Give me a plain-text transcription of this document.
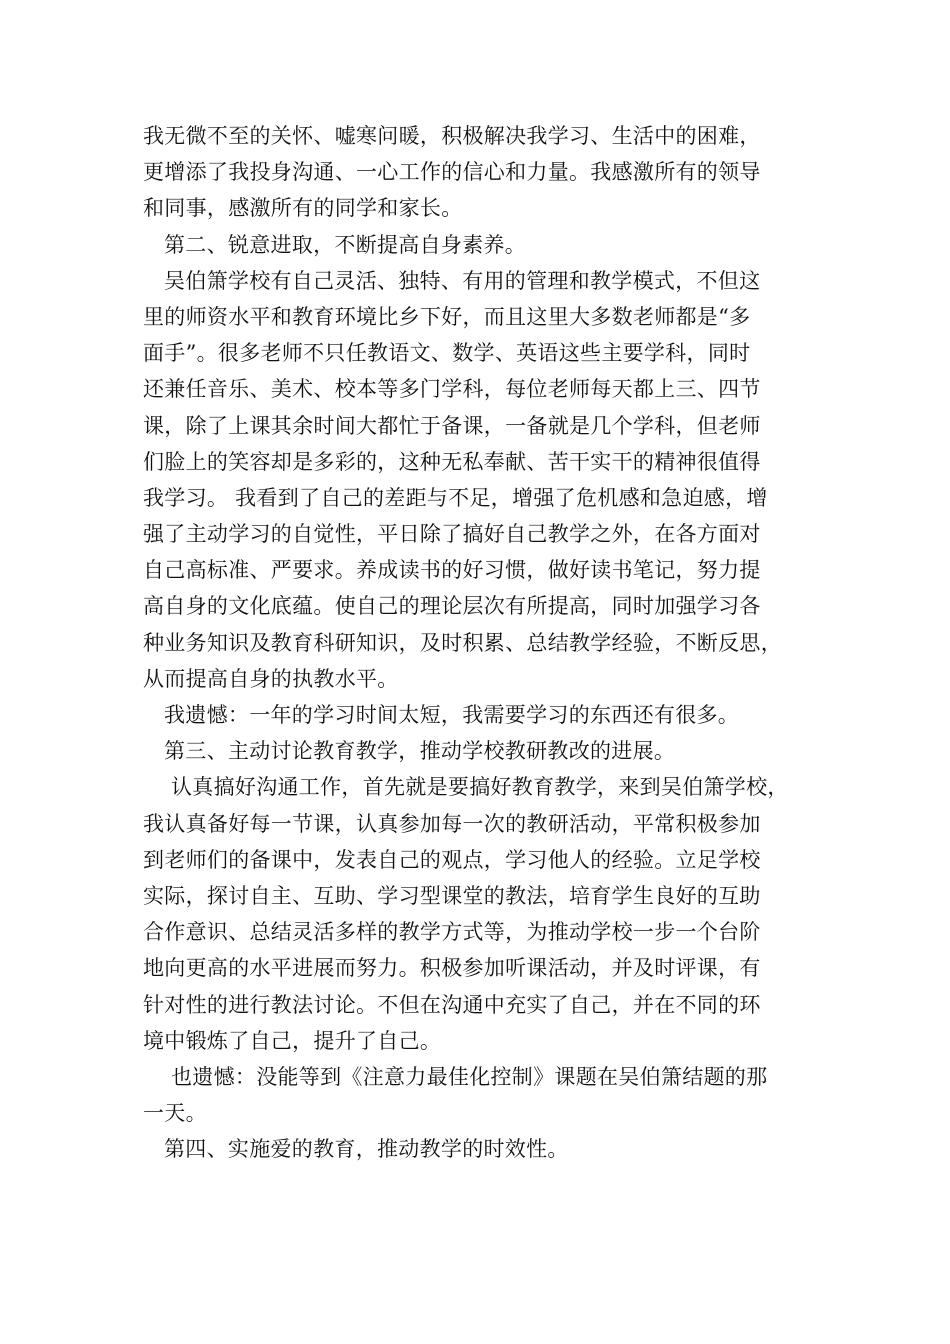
我无微不至的关怀、嘘寒问暖，积极解决我学习、生活中的困难，
更增添了我投身沟通、一心工作的信心和力量。我感激所有的领导
和同事，感激所有的同学和家长。
第二、锐意进取，不断提高自身素养。
吴伯箫学校有自己灵活、独特、有用的管理和教学模式，不但这
里的师资水平和教育环境比乡下好，而且这里大多数老师都是“多
面手”。很多老师不只任教语文、数学、英语这些主要学科，同时
还兼任音乐、美术、校本等多门学科，每位老师每天都上三、四节
课，除了上课其余时间大都忙于备课，一备就是几个学科，但老师
们脸上的笑容却是多彩的，这种无私奉献、苦干实干的精神很值得
我学习。 我看到了自己的差距与不足，增强了危机感和急迫感，增
强了主动学习的自觉性，平日除了搞好自己教学之外，在各方面对
自己高标准、严要求。养成读书的好习惯，做好读书笔记，努力提
高自身的文化底蕴。使自己的理论层次有所提高，同时加强学习各
种业务知识及教育科研知识，及时积累、总结教学经验，不断反思，
从而提高自身的执教水平。
我遗憾：一年的学习时间太短，我需要学习的东西还有很多。
第三、主动讨论教育教学，推动学校教研教改的进展。
认真搞好沟通工作，首先就是要搞好教育教学，来到吴伯箫学校，
我认真备好每一节课，认真参加每一次的教研活动，平常积极参加
到老师们的备课中，发表自己的观点，学习他人的经验。立足学校
实际，探讨自主、互助、学习型课堂的教法，培育学生良好的互助
合作意识、总结灵活多样的教学方式等，为推动学校一步一个台阶
地向更高的水平进展而努力。积极参加听课活动，并及时评课，有
针对性的进行教法讨论。不但在沟通中充实了自己，并在不同的环
境中锻炼了自己，提升了自己。
也遗憾：没能等到《注意力最佳化控制》课题在吴伯箫结题的那
一天。
第四、实施爱的教育，推动教学的时效性。
